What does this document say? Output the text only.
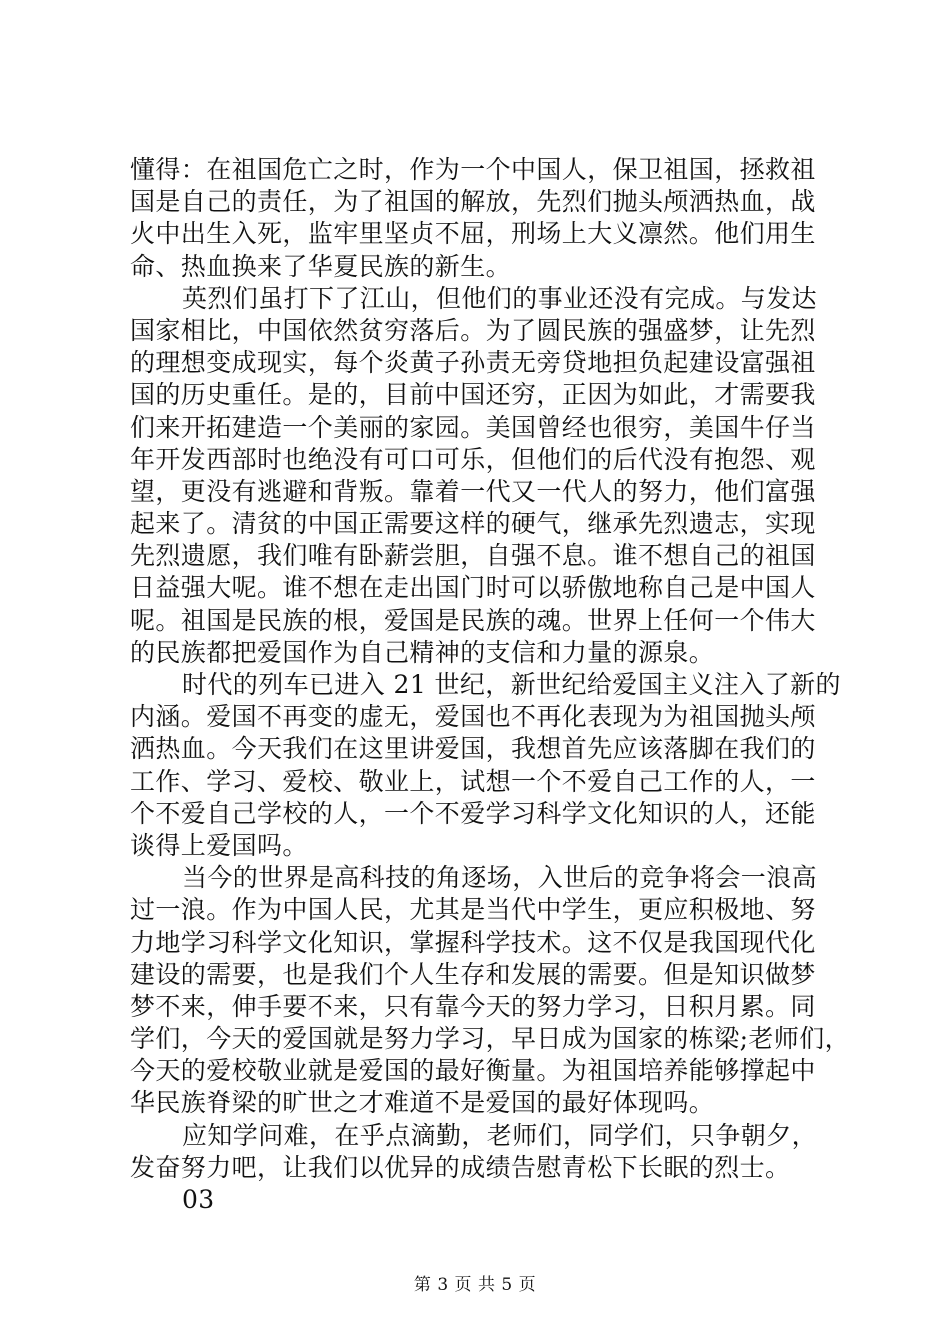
懂得：在祖国危亡之时，作为一个中国人，保卫祖国，拯救祖
国是自己的责任，为了祖国的解放，先烈们抛头颅洒热血，战
火中出生入死，监牢里坚贞不屈，刑场上大义凛然。他们用生
命、热血换来了华夏民族的新生。
英烈们虽打下了江山，但他们的事业还没有完成。与发达
国家相比，中国依然贫穷落后。为了圆民族的强盛梦，让先烈
的理想变成现实，每个炎黄子孙责无旁贷地担负起建设富强祖
国的历史重任。是的，目前中国还穷，正因为如此，才需要我
们来开拓建造一个美丽的家园。美国曾经也很穷，美国牛仔当
年开发西部时也绝没有可口可乐，但他们的后代没有抱怨、观
望，更没有逃避和背叛。靠着一代又一代人的努力，他们富强
起来了。清贫的中国正需要这样的硬气，继承先烈遗志，实现
先烈遗愿，我们唯有卧薪尝胆，自强不息。谁不想自己的祖国
日益强大呢。谁不想在走出国门时可以骄傲地称自己是中国人
呢。祖国是民族的根，爱国是民族的魂。世界上任何一个伟大
的民族都把爱国作为自己精神的支信和力量的源泉。
时代的列车已进入 21 世纪，新世纪给爱国主义注入了新的
内涵。爱国不再变的虚无，爱国也不再化表现为为祖国抛头颅
洒热血。今天我们在这里讲爱国，我想首先应该落脚在我们的
工作、学习、爱校、敬业上，试想一个不爱自己工作的人，一
个不爱自己学校的人，一个不爱学习科学文化知识的人，还能
谈得上爱国吗。
当今的世界是高科技的角逐场，入世后的竞争将会一浪高
过一浪。作为中国人民，尤其是当代中学生，更应积极地、努
力地学习科学文化知识，掌握科学技术。这不仅是我国现代化
建设的需要，也是我们个人生存和发展的需要。但是知识做梦
梦不来，伸手要不来，只有靠今天的努力学习，日积月累。同
学们，今天的爱国就是努力学习，早日成为国家的栋梁;老师们，
今天的爱校敬业就是爱国的最好衡量。为祖国培养能够撑起中
华民族脊梁的旷世之才难道不是爱国的最好体现吗。
应知学问难，在乎点滴勤，老师们，同学们，只争朝夕，
发奋努力吧，让我们以优异的成绩告慰青松下长眠的烈士。
03
第 3 页 共 5 页
